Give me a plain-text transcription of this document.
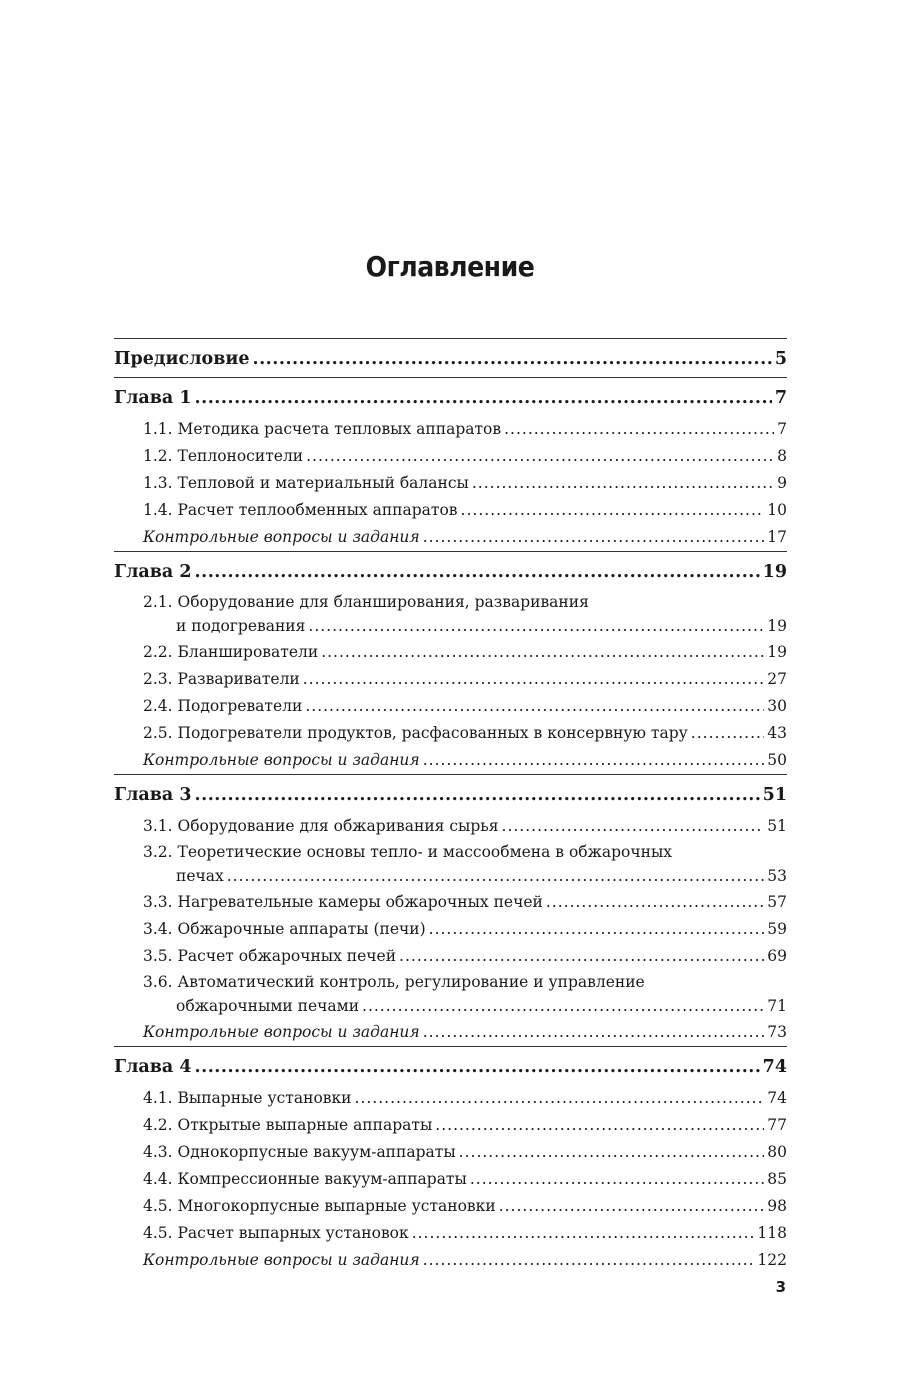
Оглавление
Предисловие .....	5
Глава 1 .....	7
1.1. Методика расчета тепловых аппаратов .....	7
1.2. Теплоносители .....	8
1.3. Тепловой и материальный балансы .....	9
1.4. Расчет теплообменных аппаратов .....	10
Контрольные вопросы и задания .....	17
Глава 2 .....	19
2.1. Оборудование для бланширования, разваривания
и подогревания .....	19
2.2. Бланширователи .....	19
2.3. Развариватели .....	27
2.4. Подогреватели .....	30
2.5. Подогреватели продуктов, расфасованных в консервную тару .....	43
Контрольные вопросы и задания .....	50
Глава 3 .....	51
3.1. Оборудование для обжаривания сырья .....	51
3.2. Теоретические основы тепло- и массообмена в обжарочных
печах .....	53
3.3. Нагревательные камеры обжарочных печей .....	57
3.4. Обжарочные аппараты (печи) .....	59
3.5. Расчет обжарочных печей .....	69
3.6. Автоматический контроль, регулирование и управление
обжарочными печами .....	71
Контрольные вопросы и задания .....	73
Глава 4 .....	74
4.1. Выпарные установки .....	74
4.2. Открытые выпарные аппараты .....	77
4.3. Однокорпусные вакуум-аппараты .....	80
4.4. Компрессионные вакуум-аппараты .....	85
4.5. Многокорпусные выпарные установки .....	98
4.5. Расчет выпарных установок .....	118
Контрольные вопросы и задания .....	122
3
